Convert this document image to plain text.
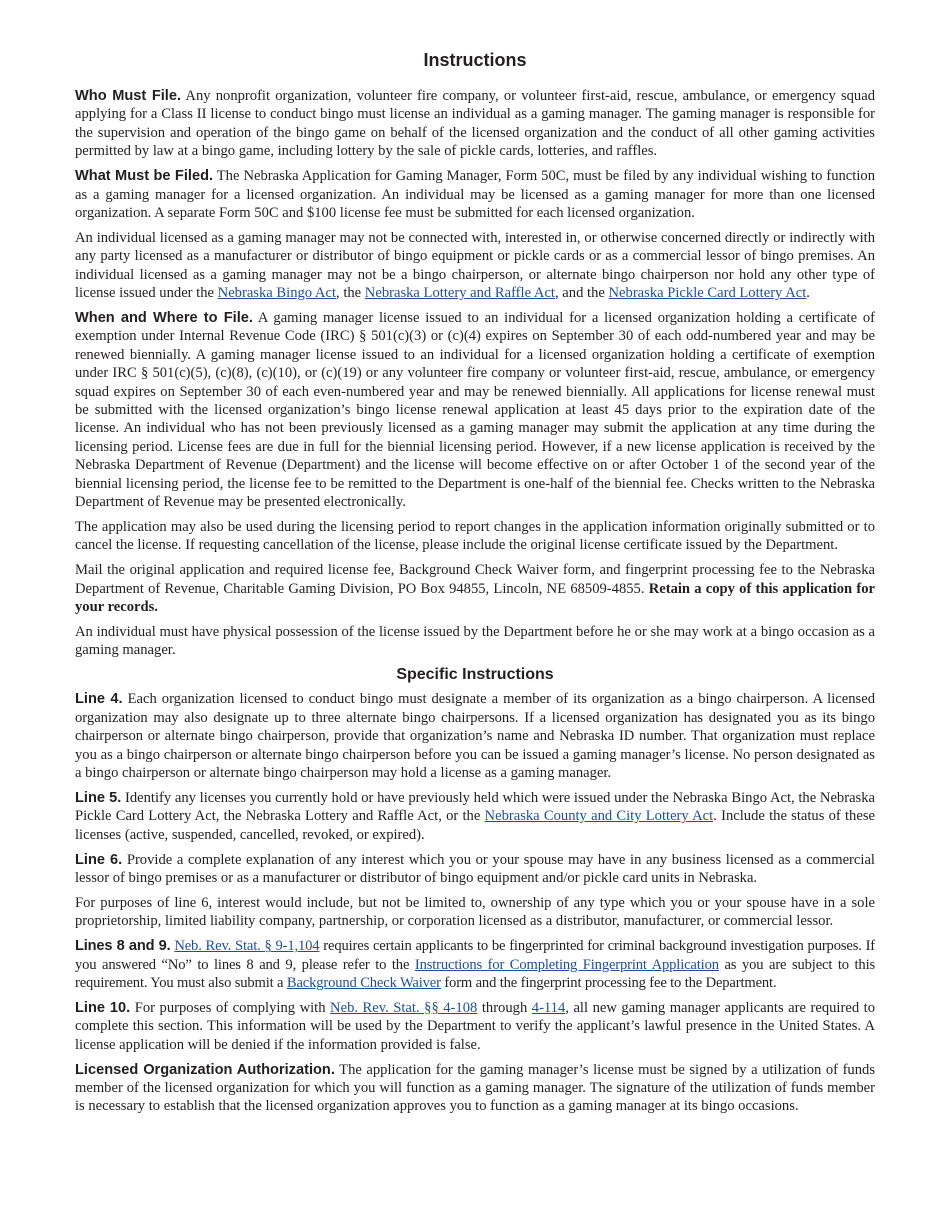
Instructions

Who Must File. Any nonprofit organization, volunteer fire company, or volunteer first-aid, rescue, ambulance, or emergency squad applying for a Class II license to conduct bingo must license an individual as a gaming manager. The gaming manager is responsible for the supervision and operation of the bingo game on behalf of the licensed organization and the conduct of all other gaming activities permitted by law at a bingo game, including lottery by the sale of pickle cards, lotteries, and raffles.

What Must be Filed. The Nebraska Application for Gaming Manager, Form 50C, must be filed by any individual wishing to function as a gaming manager for a licensed organization. An individual may be licensed as a gaming manager for more than one licensed organization. A separate Form 50C and $100 license fee must be submitted for each licensed organization.

An individual licensed as a gaming manager may not be connected with, interested in, or otherwise concerned directly or indirectly with any party licensed as a manufacturer or distributor of bingo equipment or pickle cards or as a commercial lessor of bingo premises. An individual licensed as a gaming manager may not be a bingo chairperson, or alternate bingo chairperson nor hold any other type of license issued under the Nebraska Bingo Act, the Nebraska Lottery and Raffle Act, and the Nebraska Pickle Card Lottery Act.

When and Where to File. A gaming manager license issued to an individual for a licensed organization holding a certificate of exemption under Internal Revenue Code (IRC) § 501(c)(3) or (c)(4) expires on September 30 of each odd-numbered year and may be renewed biennially. A gaming manager license issued to an individual for a licensed organization holding a certificate of exemption under IRC § 501(c)(5), (c)(8), (c)(10), or (c)(19) or any volunteer fire company or volunteer first-aid, rescue, ambulance, or emergency squad expires on September 30 of each even-numbered year and may be renewed biennially. All applications for license renewal must be submitted with the licensed organization’s bingo license renewal application at least 45 days prior to the expiration date of the license. An individual who has not been previously licensed as a gaming manager may submit the application at any time during the licensing period. License fees are due in full for the biennial licensing period. However, if a new license application is received by the Nebraska Department of Revenue (Department) and the license will become effective on or after October 1 of the second year of the biennial licensing period, the license fee to be remitted to the Department is one-half of the biennial fee. Checks written to the Nebraska Department of Revenue may be presented electronically.

The application may also be used during the licensing period to report changes in the application information originally submitted or to cancel the license. If requesting cancellation of the license, please include the original license certificate issued by the Department.

Mail the original application and required license fee, Background Check Waiver form, and fingerprint processing fee to the Nebraska Department of Revenue, Charitable Gaming Division, PO Box 94855, Lincoln, NE 68509-4855. Retain a copy of this application for your records.

An individual must have physical possession of the license issued by the Department before he or she may work at a bingo occasion as a gaming manager.

Specific Instructions

Line 4. Each organization licensed to conduct bingo must designate a member of its organization as a bingo chairperson. A licensed organization may also designate up to three alternate bingo chairpersons. If a licensed organization has designated you as its bingo chairperson or alternate bingo chairperson, provide that organization’s name and Nebraska ID number. That organization must replace you as a bingo chairperson or alternate bingo chairperson before you can be issued a gaming manager’s license. No person designated as a bingo chairperson or alternate bingo chairperson may hold a license as a gaming manager.

Line 5. Identify any licenses you currently hold or have previously held which were issued under the Nebraska Bingo Act, the Nebraska Pickle Card Lottery Act, the Nebraska Lottery and Raffle Act, or the Nebraska County and City Lottery Act. Include the status of these licenses (active, suspended, cancelled, revoked, or expired).

Line 6. Provide a complete explanation of any interest which you or your spouse may have in any business licensed as a commercial lessor of bingo premises or as a manufacturer or distributor of bingo equipment and/or pickle card units in Nebraska.

For purposes of line 6, interest would include, but not be limited to, ownership of any type which you or your spouse have in a sole proprietorship, limited liability company, partnership, or corporation licensed as a distributor, manufacturer, or commercial lessor.

Lines 8 and 9. Neb. Rev. Stat. § 9-1,104 requires certain applicants to be fingerprinted for criminal background investigation purposes. If you answered “No” to lines 8 and 9, please refer to the Instructions for Completing Fingerprint Application as you are subject to this requirement. You must also submit a Background Check Waiver form and the fingerprint processing fee to the Department.

Line 10. For purposes of complying with Neb. Rev. Stat. §§ 4-108 through 4-114, all new gaming manager applicants are required to complete this section. This information will be used by the Department to verify the applicant’s lawful presence in the United States. A license application will be denied if the information provided is false.

Licensed Organization Authorization. The application for the gaming manager’s license must be signed by a utilization of funds member of the licensed organization for which you will function as a gaming manager. The signature of the utilization of funds member is necessary to establish that the licensed organization approves you to function as a gaming manager at its bingo occasions.
